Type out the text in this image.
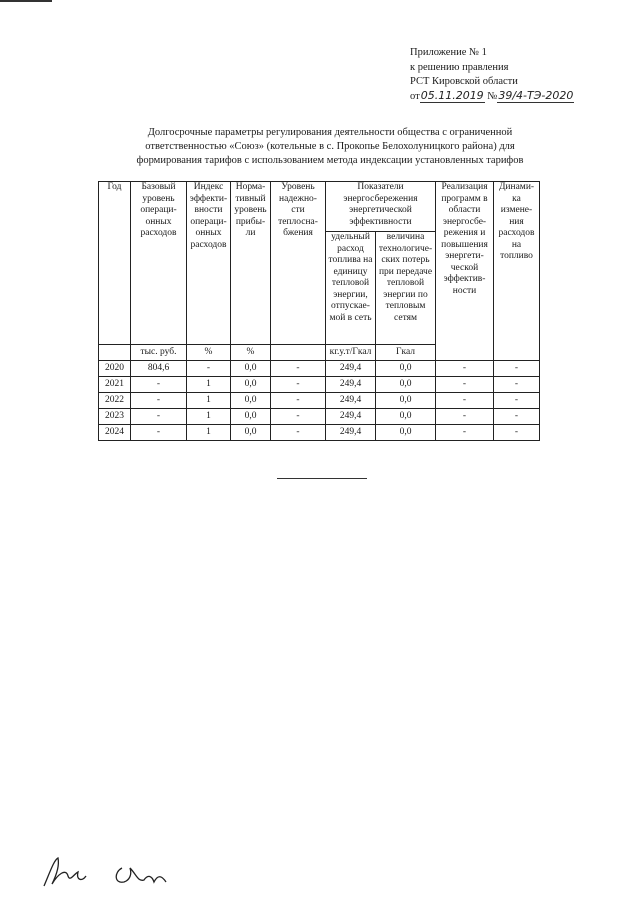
Приложение № 1
к решению правления
РСТ Кировской области
от05.11.2019 №39/4-ТЭ-2020
Долгосрочные параметры регулирования деятельности общества с ограниченной
ответственностью «Союз» (котельные в с. Прокопье Белохолуницкого района) для
формирования тарифов с использованием метода индексации установленных тарифов
Год	Базовый уровень операци-онных расходов	Индекс эффекти-вности операци-онных расходов	Норма-тивный уровень прибы-ли	Уровень надежно-сти теплосна-бжения	Показатели энергосбережения энергетической эффективности		Реализация программ в области энергосбе-режения и повышения энергети-ческой эффектив-ности	Динами-ка измене-ния расходов на топливо
					удельный расход топлива на единицу тепловой энергии, отпускае-мой в сеть	величина технологиче-ских потерь при передаче тепловой энергии по тепловым сетям		
	тыс. руб.	%	%		кг.у.т/Гкал	Гкал		
2020	804,6	-	0,0	-	249,4	0,0	-	-
2021	-	1	0,0	-	249,4	0,0	-	-
2022	-	1	0,0	-	249,4	0,0	-	-
2023	-	1	0,0	-	249,4	0,0	-	-
2024	-	1	0,0	-	249,4	0,0	-	-
